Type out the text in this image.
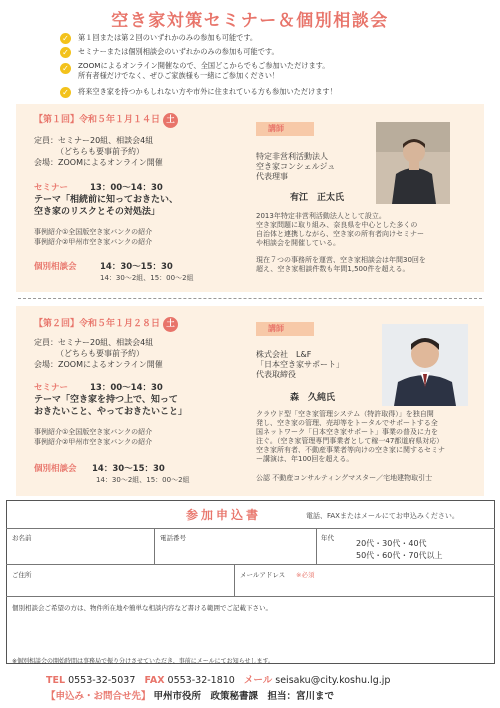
空き家対策セミナー＆個別相談会
✓ 第１回または第２回のいずれかのみの参加も可能です。
✓ セミナーまたは個別相談会のいずれかのみの参加も可能です。
✓ ZOOMによるオンライン開催なので、全国どこからでもご参加いただけます。
所有者様だけでなく、ぜひご家族様も一緒にご参加ください！
✓ 将来空き家を持つかもしれない方や市外に住まれている方も参加いただけます！
【第１回】令和５年１月１４日 土
定員：セミナー20組、相談会4組
（どちらも要事前予約）
会場：ZOOMによるオンライン開催
セミナー	13：00〜14：30
テーマ「相続前に知っておきたい、
空き家のリスクとその対処法」
事例紹介①全国版空き家バンクの紹介
事例紹介②甲州市空き家バンクの紹介
個別相談会	14：30〜15：30
14：30〜2組、15：00〜2組
講師
特定非営利活動法人
空き家コンシェルジュ
代表理事
有江　正太氏
2013年特定非営利活動法人として設立。
空き家問題に取り組み、奈良県を中心とした多くの
自治体と連携しながら、空き家の所有者向けセミナー
や相談会を開催している。
現在７つの事務所を運営、空き家相談会は年間30回を
超え、空き家相談件数も年間1,500件を超える。
【第２回】令和５年１月２８日 土
定員：セミナー20組、相談会4組
（どちらも要事前予約）
会場：ZOOMによるオンライン開催
セミナー	13：00〜14：30
テーマ「空き家を持つ上で、知って
おきたいこと、やっておきたいこと」
事例紹介①全国版空き家バンクの紹介
事例紹介②甲州市空き家バンクの紹介
個別相談会 14：30〜15：30
14：30〜2組、15：00〜2組
講師
株式会社　L&F
「日本空き家サポート」
代表取締役
森　久純氏
クラウド型「空き家管理システム（特許取得）」を独自開
発し、空き家の管理、売却等をトータルでサポートする全
国ネットワーク「日本空き家サポート」事業の普及に力を
注ぐ。（空き家管理専門事業者として稼一47都道府県対応）
空き家所有者、不動産事業者等向けの空き家に関するセミナ
ー講演は、年100回を超える。
公認 不動産コンサルティングマスター／宅地建物取引士
参加申込書	電話、FAXまたはメールにてお申込みください。
お名前	電話番号	年代
20代・30代・40代
50代・60代・70代以上
ご住所	メールアドレス ※必須
個別相談会ご希望の方は、物件所在地や簡単な相談内容など書ける範囲でご記載下さい。
※個別相談会の開始時間は事務局で振り分けさせていただき、事前にメールにてお知らせします。
TEL 0553-32-5037 FAX 0553-32-1810 メール seisaku@city.koshu.lg.jp
【申込み・お問合せ先】 甲州市役所　政策秘書課　担当：宮川まで
